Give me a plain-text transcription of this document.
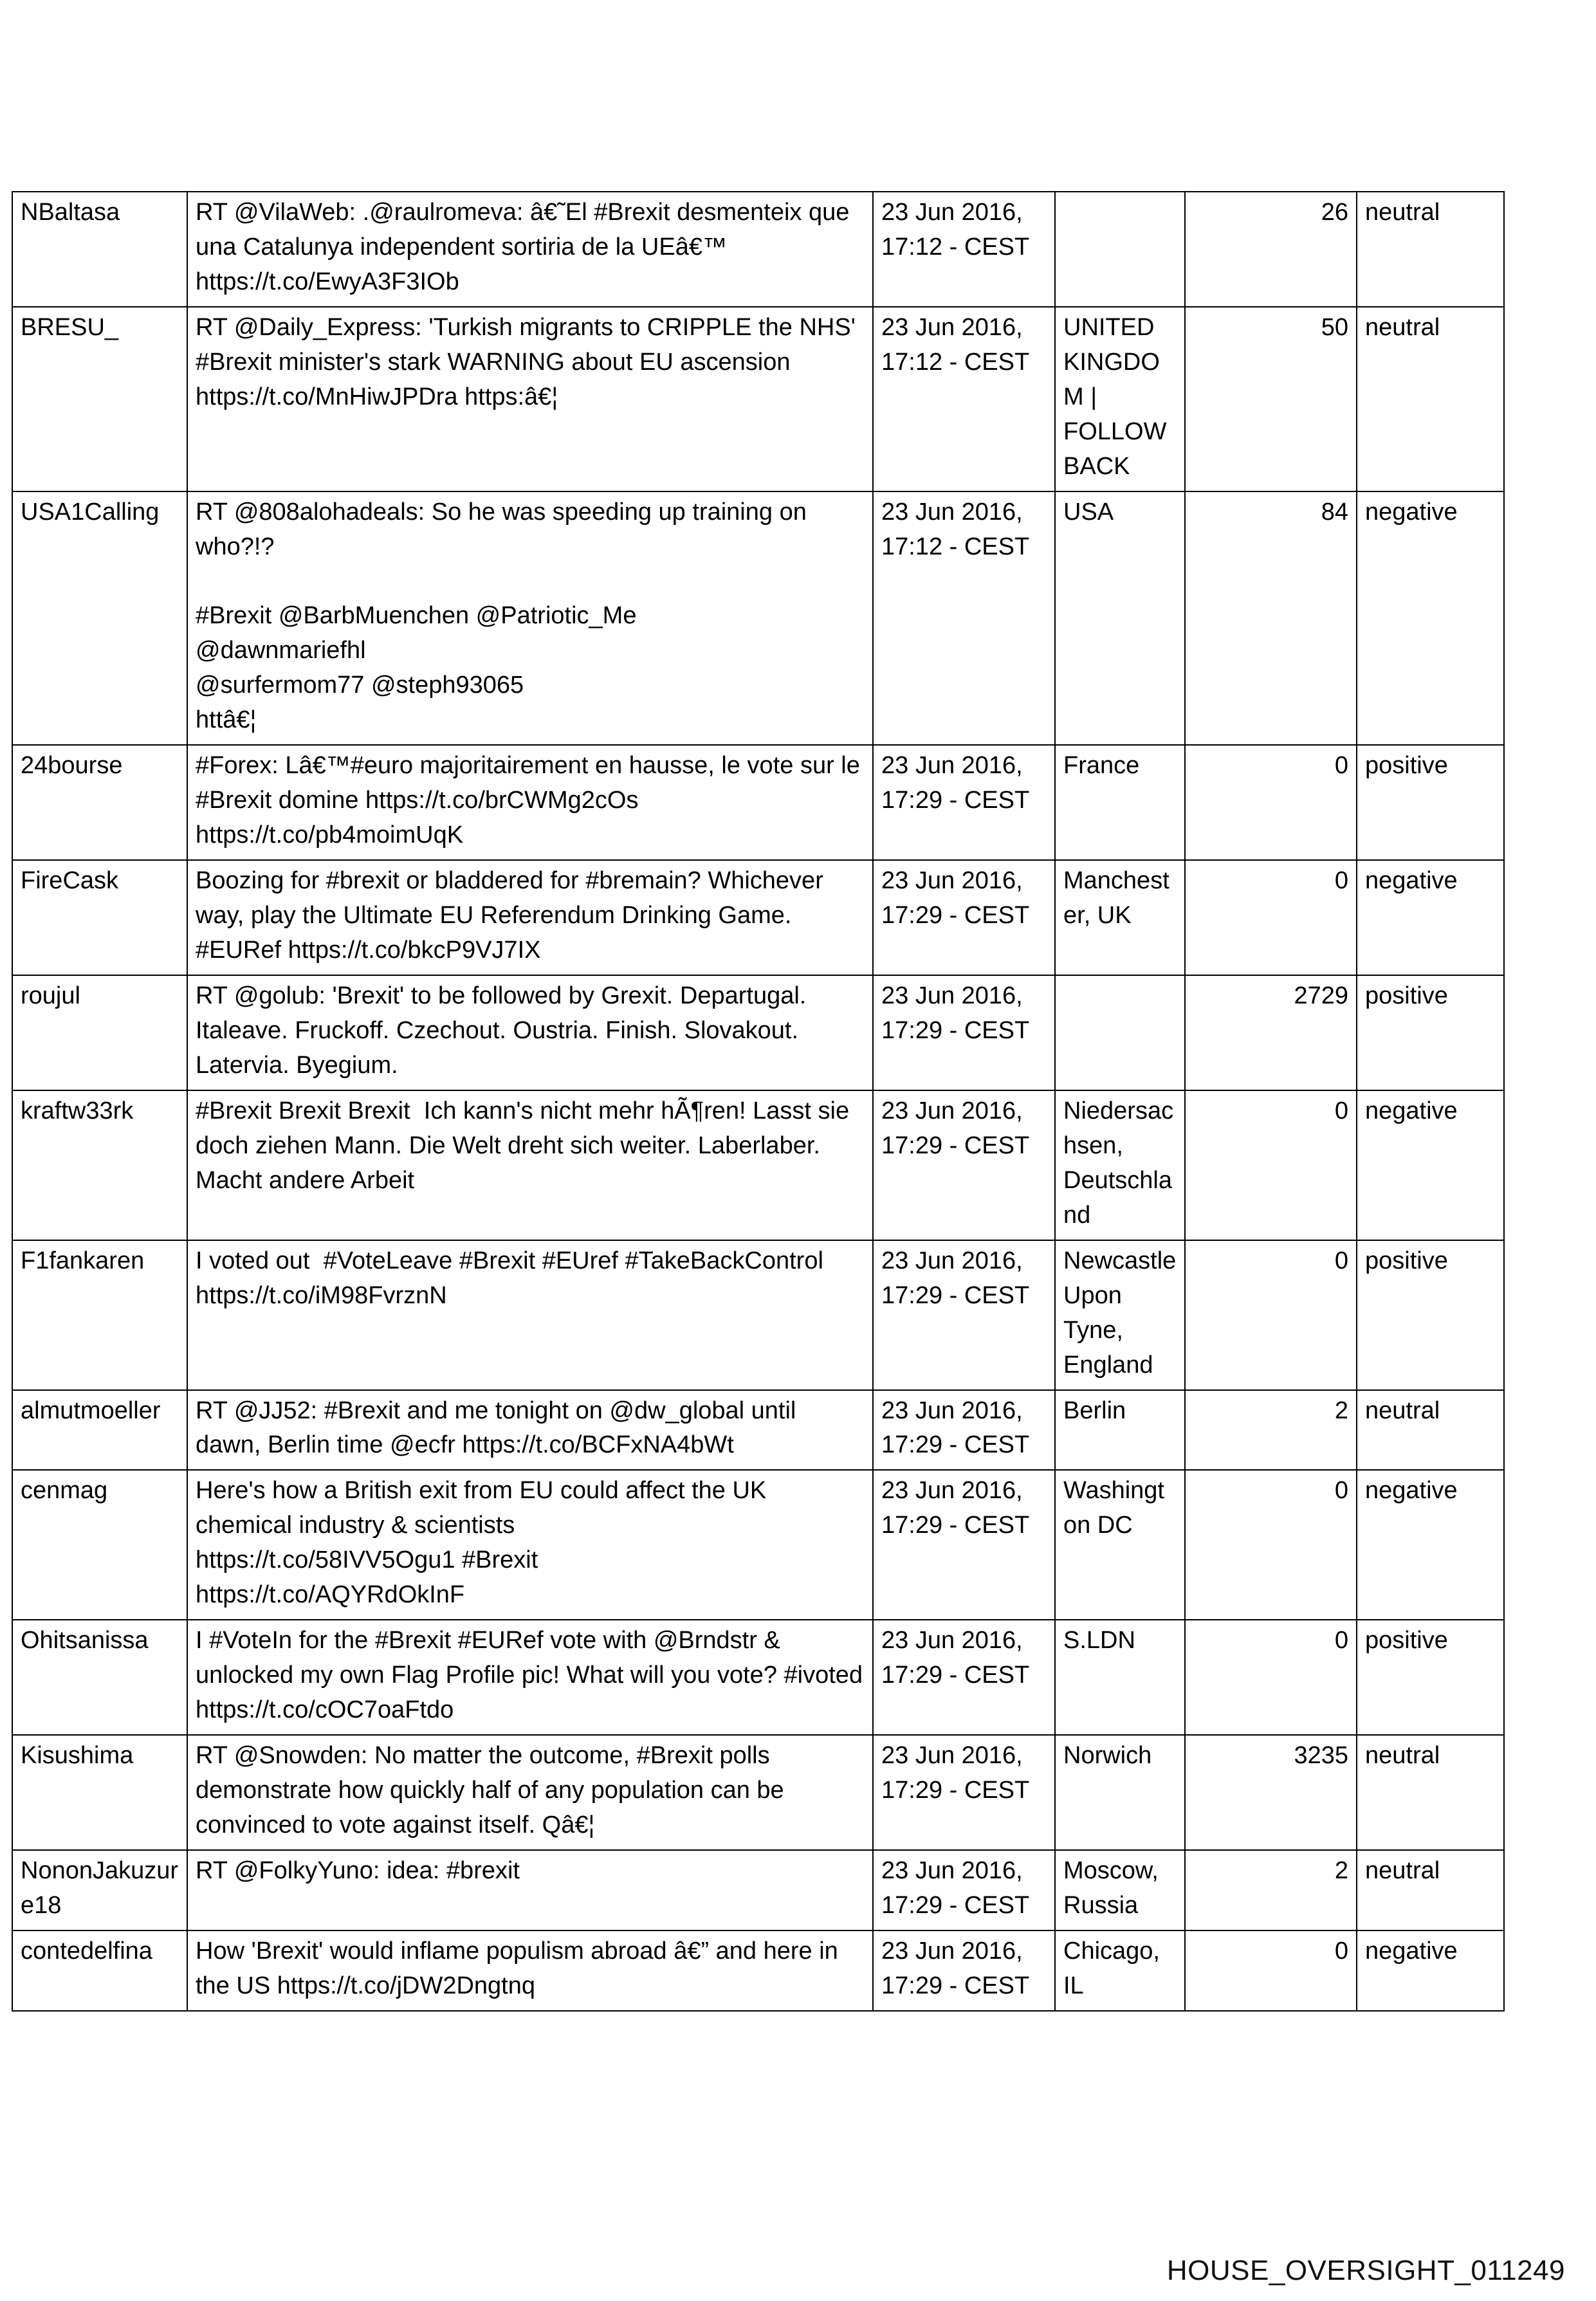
NBaltasa	RT @VilaWeb: .@raulromeva: â€˜El #Brexit desmenteix que una Catalunya independent sortiria de la UEâ€™ https://t.co/EwyA3F3IOb	23 Jun 2016, 17:12 - CEST		26	neutral
BRESU_	RT @Daily_Express: 'Turkish migrants to CRIPPLE the NHS' #Brexit minister's stark WARNING about EU ascension https://t.co/MnHiwJPDra https:â€¦	23 Jun 2016, 17:12 - CEST	UNITED KINGDOM | FOLLOW BACK	50	neutral
USA1Calling	RT @808alohadeals: So he was speeding up training on who?!?

#Brexit @BarbMuenchen @Patriotic_Me
@dawnmariefhl
@surfermom77 @steph93065
httâ€¦	23 Jun 2016, 17:12 - CEST	USA	84	negative
24bourse	#Forex: Lâ€™#euro majoritairement en hausse, le vote sur le #Brexit domine https://t.co/brCWMg2cOs https://t.co/pb4moimUqK	23 Jun 2016, 17:29 - CEST	France	0	positive
FireCask	Boozing for #brexit or bladdered for #bremain? Whichever way, play the Ultimate EU Referendum Drinking Game. #EURef https://t.co/bkcP9VJ7IX	23 Jun 2016, 17:29 - CEST	Manchester, UK	0	negative
roujul	RT @golub: 'Brexit' to be followed by Grexit. Departugal. Italeave. Fruckoff. Czechout. Oustria. Finish. Slovakout. Latervia. Byegium.	23 Jun 2016, 17:29 - CEST		2729	positive
kraftw33rk	#Brexit Brexit Brexit  Ich kann's nicht mehr hÃ¶ren! Lasst sie doch ziehen Mann. Die Welt dreht sich weiter. Laberlaber. Macht andere Arbeit	23 Jun 2016, 17:29 - CEST	Niedersachsen, Deutschland	0	negative
F1fankaren	I voted out  #VoteLeave #Brexit #EUref #TakeBackControl https://t.co/iM98FvrznN	23 Jun 2016, 17:29 - CEST	Newcastle Upon Tyne, England	0	positive
almutmoeller	RT @JJ52: #Brexit and me tonight on @dw_global until dawn, Berlin time @ecfr https://t.co/BCFxNA4bWt	23 Jun 2016, 17:29 - CEST	Berlin	2	neutral
cenmag	Here's how a British exit from EU could affect the UK chemical industry & scientists
https://t.co/58IVV5Ogu1 #Brexit
https://t.co/AQYRdOkInF	23 Jun 2016, 17:29 - CEST	Washington DC	0	negative
Ohitsanissa	I #VoteIn for the #Brexit #EURef vote with @Brndstr & unlocked my own Flag Profile pic! What will you vote? #ivoted https://t.co/cOC7oaFtdo	23 Jun 2016, 17:29 - CEST	S.LDN	0	positive
Kisushima	RT @Snowden: No matter the outcome, #Brexit polls demonstrate how quickly half of any population can be convinced to vote against itself. Qâ€¦	23 Jun 2016, 17:29 - CEST	Norwich	3235	neutral
NononJakuzure18	RT @FolkyYuno: idea: #brexit	23 Jun 2016, 17:29 - CEST	Moscow, Russia	2	neutral
contedelfina	How 'Brexit' would inflame populism abroad â€” and here in the US https://t.co/jDW2Dngtnq	23 Jun 2016, 17:29 - CEST	Chicago, IL	0	negative
HOUSE_OVERSIGHT_011249
